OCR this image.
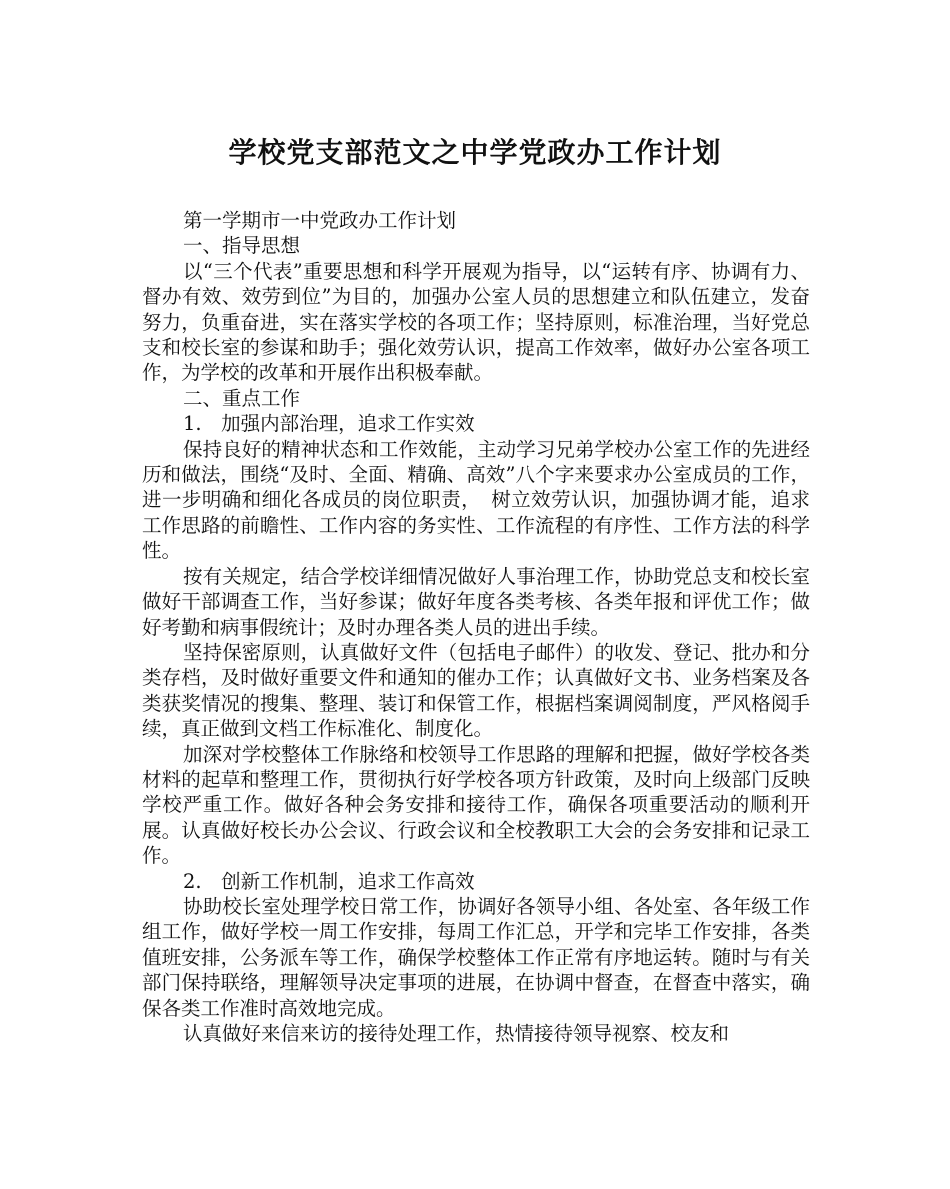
学校党支部范文之中学党政办工作计划

第一学期市一中党政办工作计划

一、指导思想

以“三个代表”重要思想和科学开展观为指导，以“运转有序、协调有力、督办有效、效劳到位”为目的，加强办公室人员的思想建立和队伍建立，发奋努力，负重奋进，实在落实学校的各项工作；坚持原则，标准治理，当好党总支和校长室的参谋和助手；强化效劳认识，提高工作效率，做好办公室各项工作，为学校的改革和开展作出积极奉献。

二、重点工作

1.　加强内部治理，追求工作实效

保持良好的精神状态和工作效能，主动学习兄弟学校办公室工作的先进经历和做法，围绕“及时、全面、精确、高效”八个字来要求办公室成员的工作，进一步明确和细化各成员的岗位职责，　树立效劳认识，加强协调才能，追求工作思路的前瞻性、工作内容的务实性、工作流程的有序性、工作方法的科学性。

按有关规定，结合学校详细情况做好人事治理工作，协助党总支和校长室做好干部调查工作，当好参谋；做好年度各类考核、各类年报和评优工作；做好考勤和病事假统计；及时办理各类人员的进出手续。

坚持保密原则，认真做好文件（包括电子邮件）的收发、登记、批办和分类存档，及时做好重要文件和通知的催办工作；认真做好文书、业务档案及各类获奖情况的搜集、整理、装订和保管工作，根据档案调阅制度，严风格阅手续，真正做到文档工作标准化、制度化。

加深对学校整体工作脉络和校领导工作思路的理解和把握，做好学校各类材料的起草和整理工作，贯彻执行好学校各项方针政策，及时向上级部门反映学校严重工作。做好各种会务安排和接待工作，确保各项重要活动的顺利开展。认真做好校长办公会议、行政会议和全校教职工大会的会务安排和记录工作。

2.　创新工作机制，追求工作高效

协助校长室处理学校日常工作，协调好各领导小组、各处室、各年级工作组工作，做好学校一周工作安排，每周工作汇总，开学和完毕工作安排，各类值班安排，公务派车等工作，确保学校整体工作正常有序地运转。随时与有关部门保持联络，理解领导决定事项的进展，在协调中督查，在督查中落实，确保各类工作准时高效地完成。

认真做好来信来访的接待处理工作，热情接待领导视察、校友和
